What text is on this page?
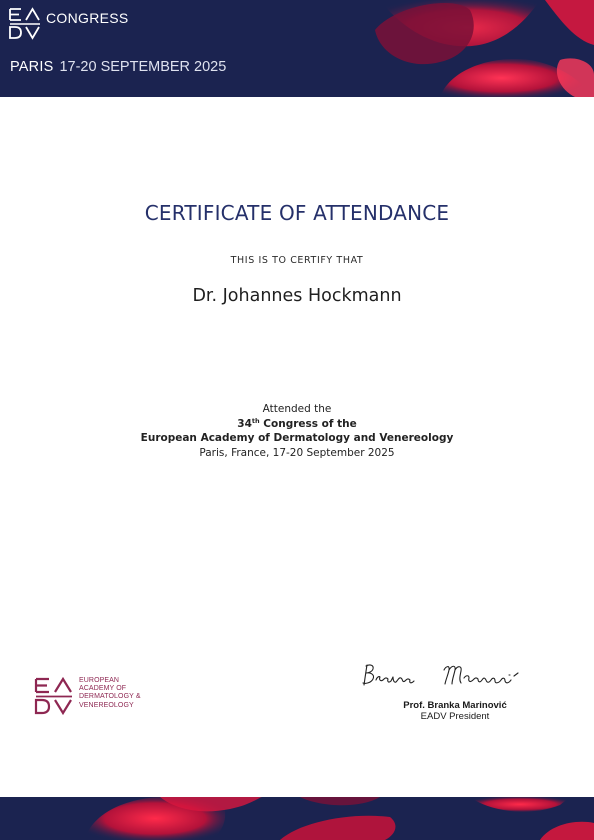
CONGRESS
PARIS 17-20 SEPTEMBER 2025
CERTIFICATE OF ATTENDANCE
THIS IS TO CERTIFY THAT
Dr. Johannes Hockmann
Attended the
34th Congress of the
European Academy of Dermatology and Venereology
Paris, France, 17-20 September 2025
EUROPEAN
ACADEMY OF
DERMATOLOGY &
VENEREOLOGY	Prof. Branka Marinović
EADV President
